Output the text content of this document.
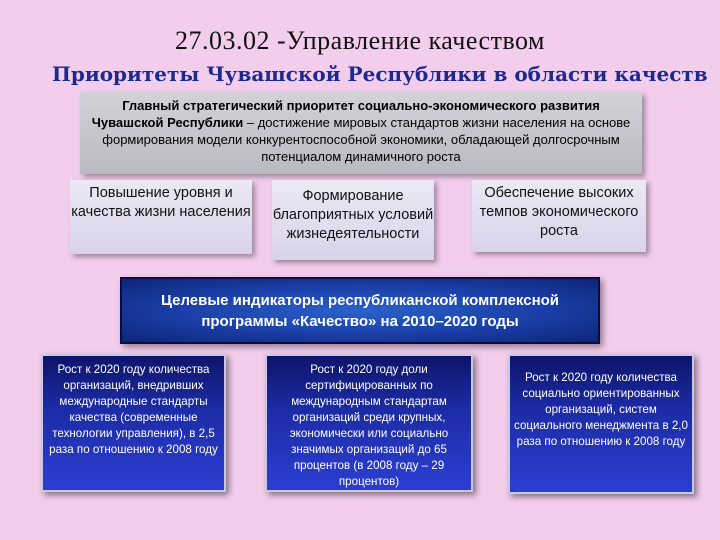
27.03.02 -Управление качеством
Приоритеты Чувашской Республики в области качеств
Главный стратегический приоритет социально-экономического развития Чувашской Республики – достижение мировых стандартов жизни населения на основе формирования модели конкурентоспособной экономики, обладающей долгосрочным потенциалом динамичного роста
Повышение уровня и качества жизни населения
Формирование благоприятных условий жизнедеятельности
Обеспечение высоких темпов экономического роста
Целевые индикаторы республиканской комплексной программы «Качество» на 2010–2020 годы
Рост к 2020 году количества организаций, внедривших международные стандарты качества (современные технологии управления), в 2,5 раза по отношению к 2008 году
Рост к 2020 году доли сертифицированных по международным стандартам организаций среди крупных, экономически или социально значимых организаций до 65 процентов (в 2008 году – 29 процентов)
Рост к 2020 году количества социально ориентированных организаций, систем социального менеджмента в 2,0 раза по отношению к 2008 году
